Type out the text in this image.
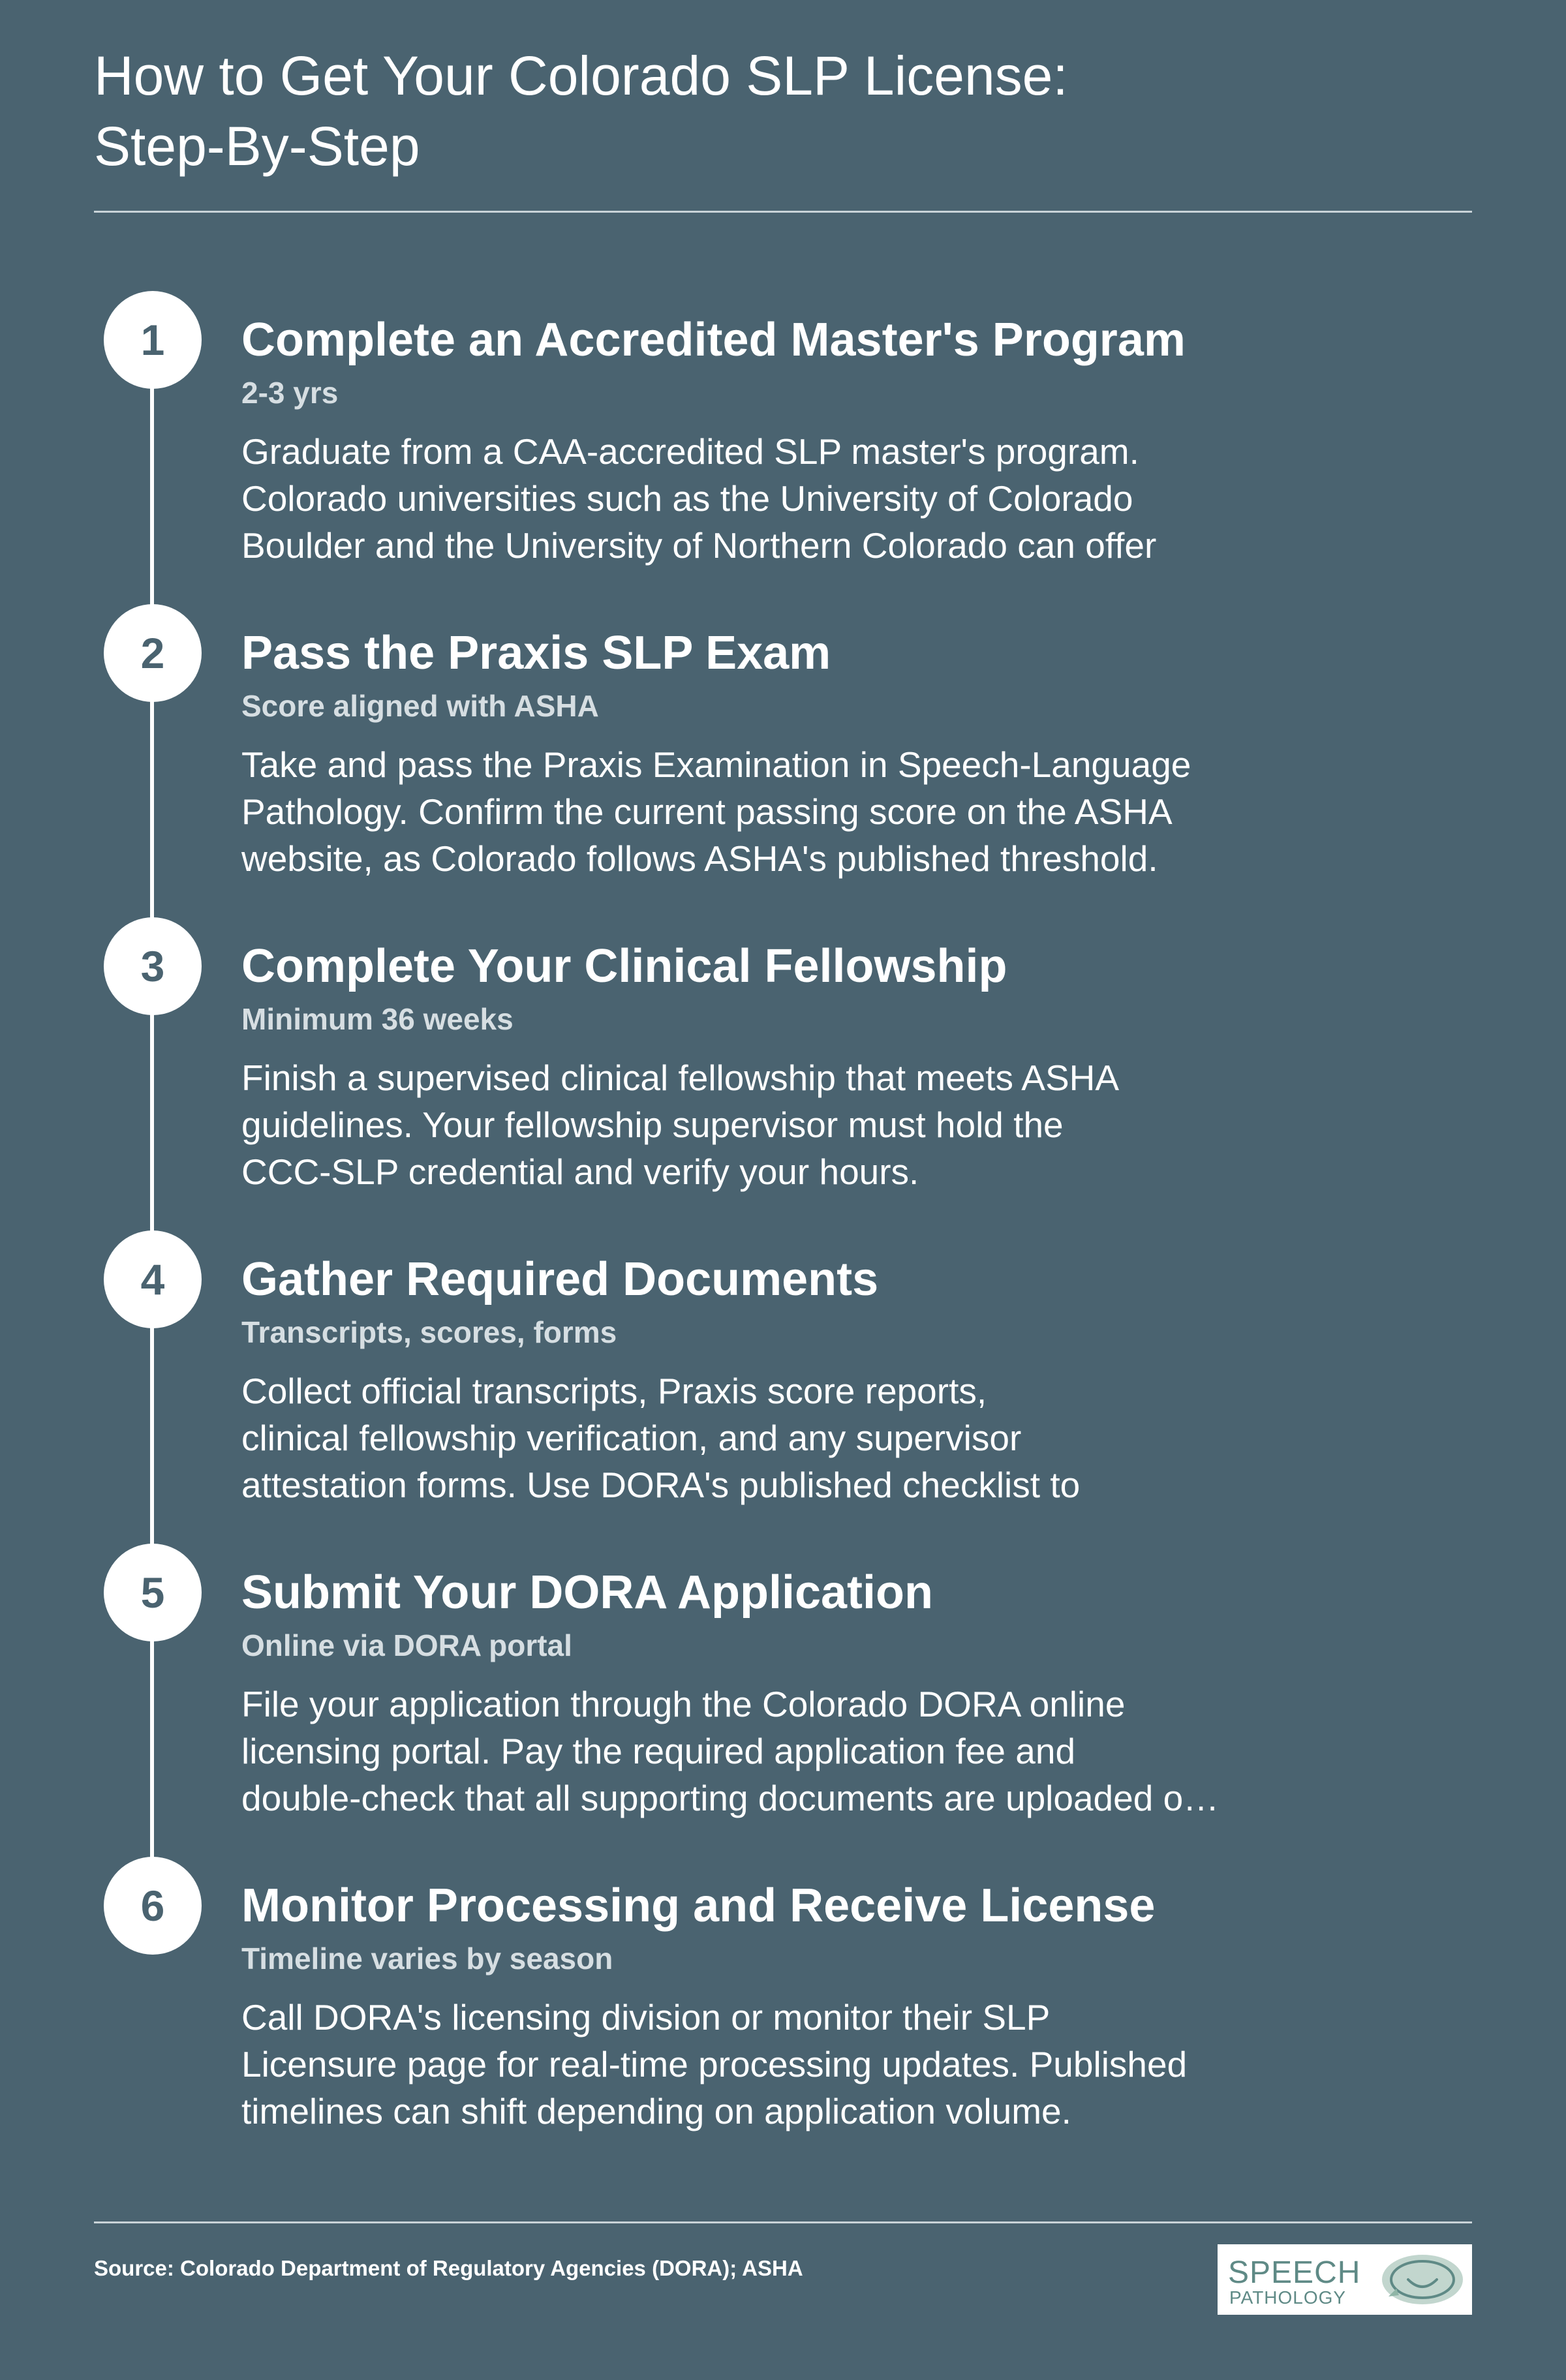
How to Get Your Colorado SLP License:
Step-By-Step
1	Complete an Accredited Master's Program
2-3 yrs
Graduate from a CAA-accredited SLP master's program.
Colorado universities such as the University of Colorado
Boulder and the University of Northern Colorado can offer
2	Pass the Praxis SLP Exam
Score aligned with ASHA
Take and pass the Praxis Examination in Speech-Language
Pathology. Confirm the current passing score on the ASHA
website, as Colorado follows ASHA's published threshold.
3	Complete Your Clinical Fellowship
Minimum 36 weeks
Finish a supervised clinical fellowship that meets ASHA
guidelines. Your fellowship supervisor must hold the
CCC-SLP credential and verify your hours.
4	Gather Required Documents
Transcripts, scores, forms
Collect official transcripts, Praxis score reports,
clinical fellowship verification, and any supervisor
attestation forms. Use DORA's published checklist to
5	Submit Your DORA Application
Online via DORA portal
File your application through the Colorado DORA online
licensing portal. Pay the required application fee and
double-check that all supporting documents are uploaded o…
6	Monitor Processing and Receive License
Timeline varies by season
Call DORA's licensing division or monitor their SLP
Licensure page for real-time processing updates. Published
timelines can shift depending on application volume.
Source: Colorado Department of Regulatory Agencies (DORA); ASHA	SPEECH
PATHOLOGY
